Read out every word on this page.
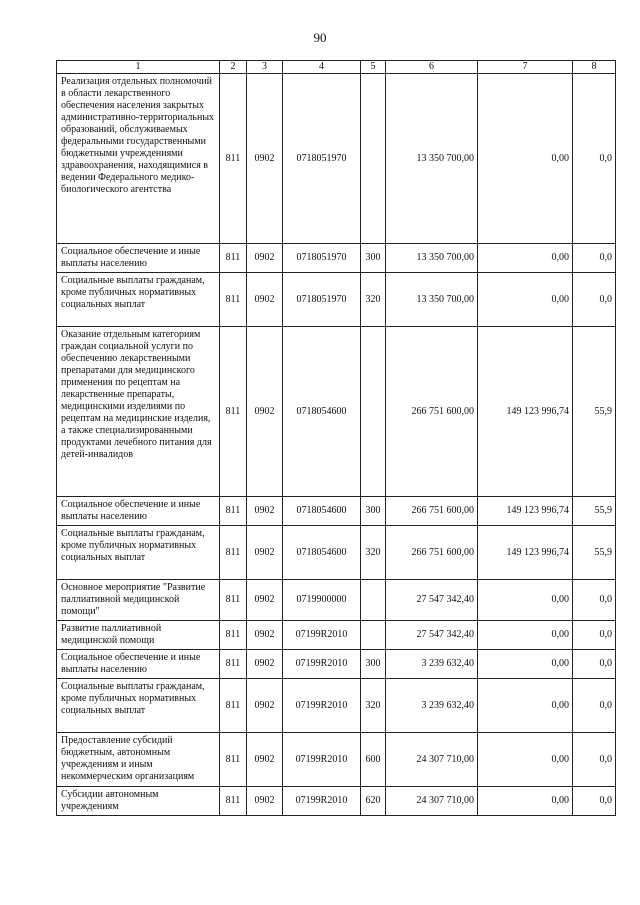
90
1	2	3	4	5	6	7	8
Реализация отдельных полномочий в области лекарственного обеспечения населения закрытых административно-территориальных образований, обслуживаемых федеральными государственными бюджетными учреждениями здравоохранения, находящимися в ведении Федерального медико-биологического агентства	811	0902	0718051970		13 350 700,00	0,00	0,0
Социальное обеспечение и иные выплаты населению	811	0902	0718051970	300	13 350 700,00	0,00	0,0
Социальные выплаты гражданам, кроме публичных нормативных социальных выплат	811	0902	0718051970	320	13 350 700,00	0,00	0,0
Оказание отдельным категориям граждан социальной услуги по обеспечению лекарственными препаратами для медицинского применения по рецептам на лекарственные препараты, медицинскими изделиями по рецептам на медицинские изделия, а также специализированными продуктами лечебного питания для детей-инвалидов	811	0902	0718054600		266 751 600,00	149 123 996,74	55,9
Социальное обеспечение и иные выплаты населению	811	0902	0718054600	300	266 751 600,00	149 123 996,74	55,9
Социальные выплаты гражданам, кроме публичных нормативных социальных выплат	811	0902	0718054600	320	266 751 600,00	149 123 996,74	55,9
Основное мероприятие "Развитие паллиативной медицинской помощи"	811	0902	0719900000		27 547 342,40	0,00	0,0
Развитие паллиативной медицинской помощи	811	0902	07199R2010		27 547 342,40	0,00	0,0
Социальное обеспечение и иные выплаты населению	811	0902	07199R2010	300	3 239 632,40	0,00	0,0
Социальные выплаты гражданам, кроме публичных нормативных социальных выплат	811	0902	07199R2010	320	3 239 632,40	0,00	0,0
Предоставление субсидий бюджетным, автономным учреждениям и иным некоммерческим организациям	811	0902	07199R2010	600	24 307 710,00	0,00	0,0
Субсидии автономным учреждениям	811	0902	07199R2010	620	24 307 710,00	0,00	0,0
